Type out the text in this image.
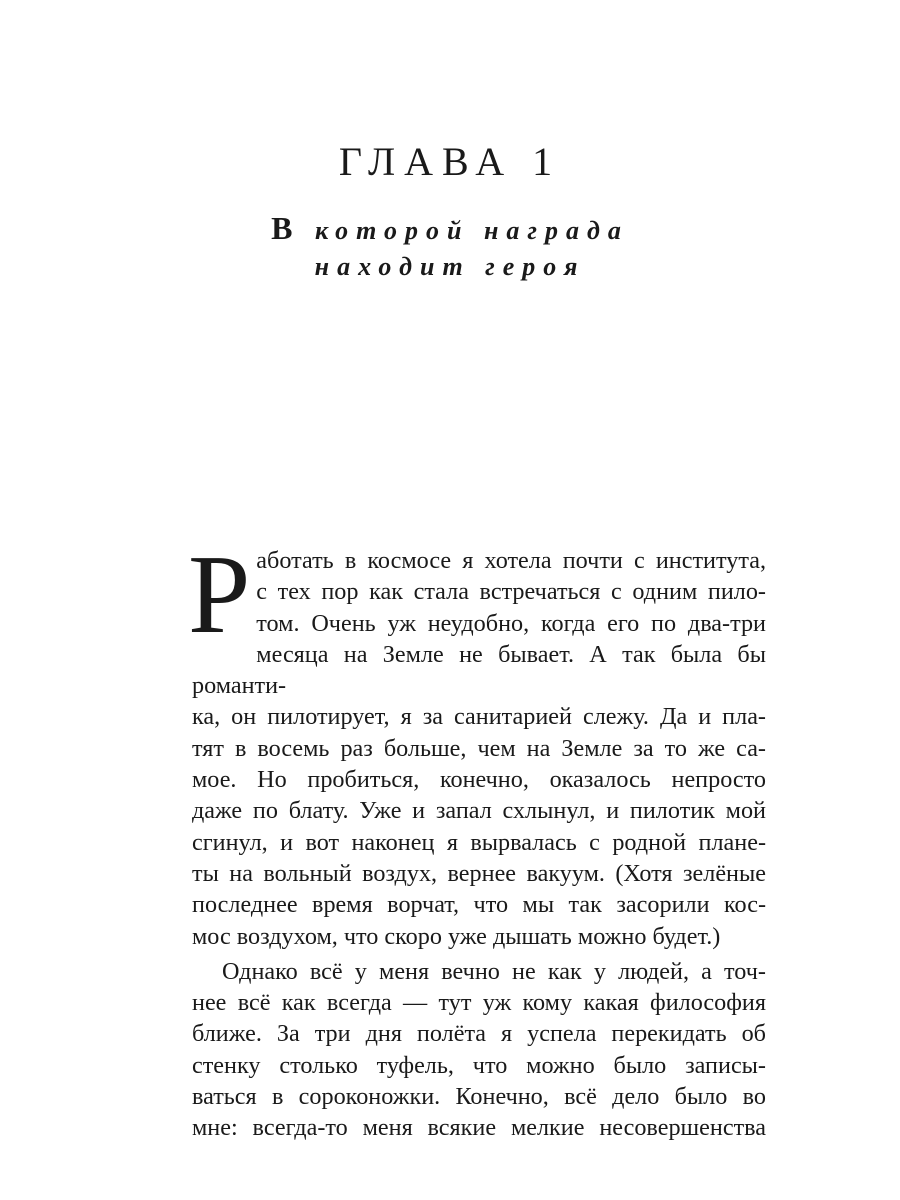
ГЛАВА 1
В которой награда
находит героя

Р аботать в космосе я хотела почти с института,
с тех пор как стала встречаться с одним пило-
том. Очень уж неудобно, когда его по два-три
месяца на Земле не бывает. А так была бы романти-
ка, он пилотирует, я за санитарией слежу. Да и пла-
тят в восемь раз больше, чем на Земле за то же са-
мое. Но пробиться, конечно, оказалось непросто
даже по блату. Уже и запал схлынул, и пилотик мой
сгинул, и вот наконец я вырвалась с родной плане-
ты на вольный воздух, вернее вакуум. (Хотя зелёные
последнее время ворчат, что мы так засорили кос-
мос воздухом, что скоро уже дышать можно будет.)

Однако всё у меня вечно не как у людей, а точ-
нее всё как всегда — тут уж кому какая философия
ближе. За три дня полёта я успела перекидать об
стенку столько туфель, что можно было записы-
ваться в сороконожки. Конечно, всё дело было во
мне: всегда-то меня всякие мелкие несовершенства
